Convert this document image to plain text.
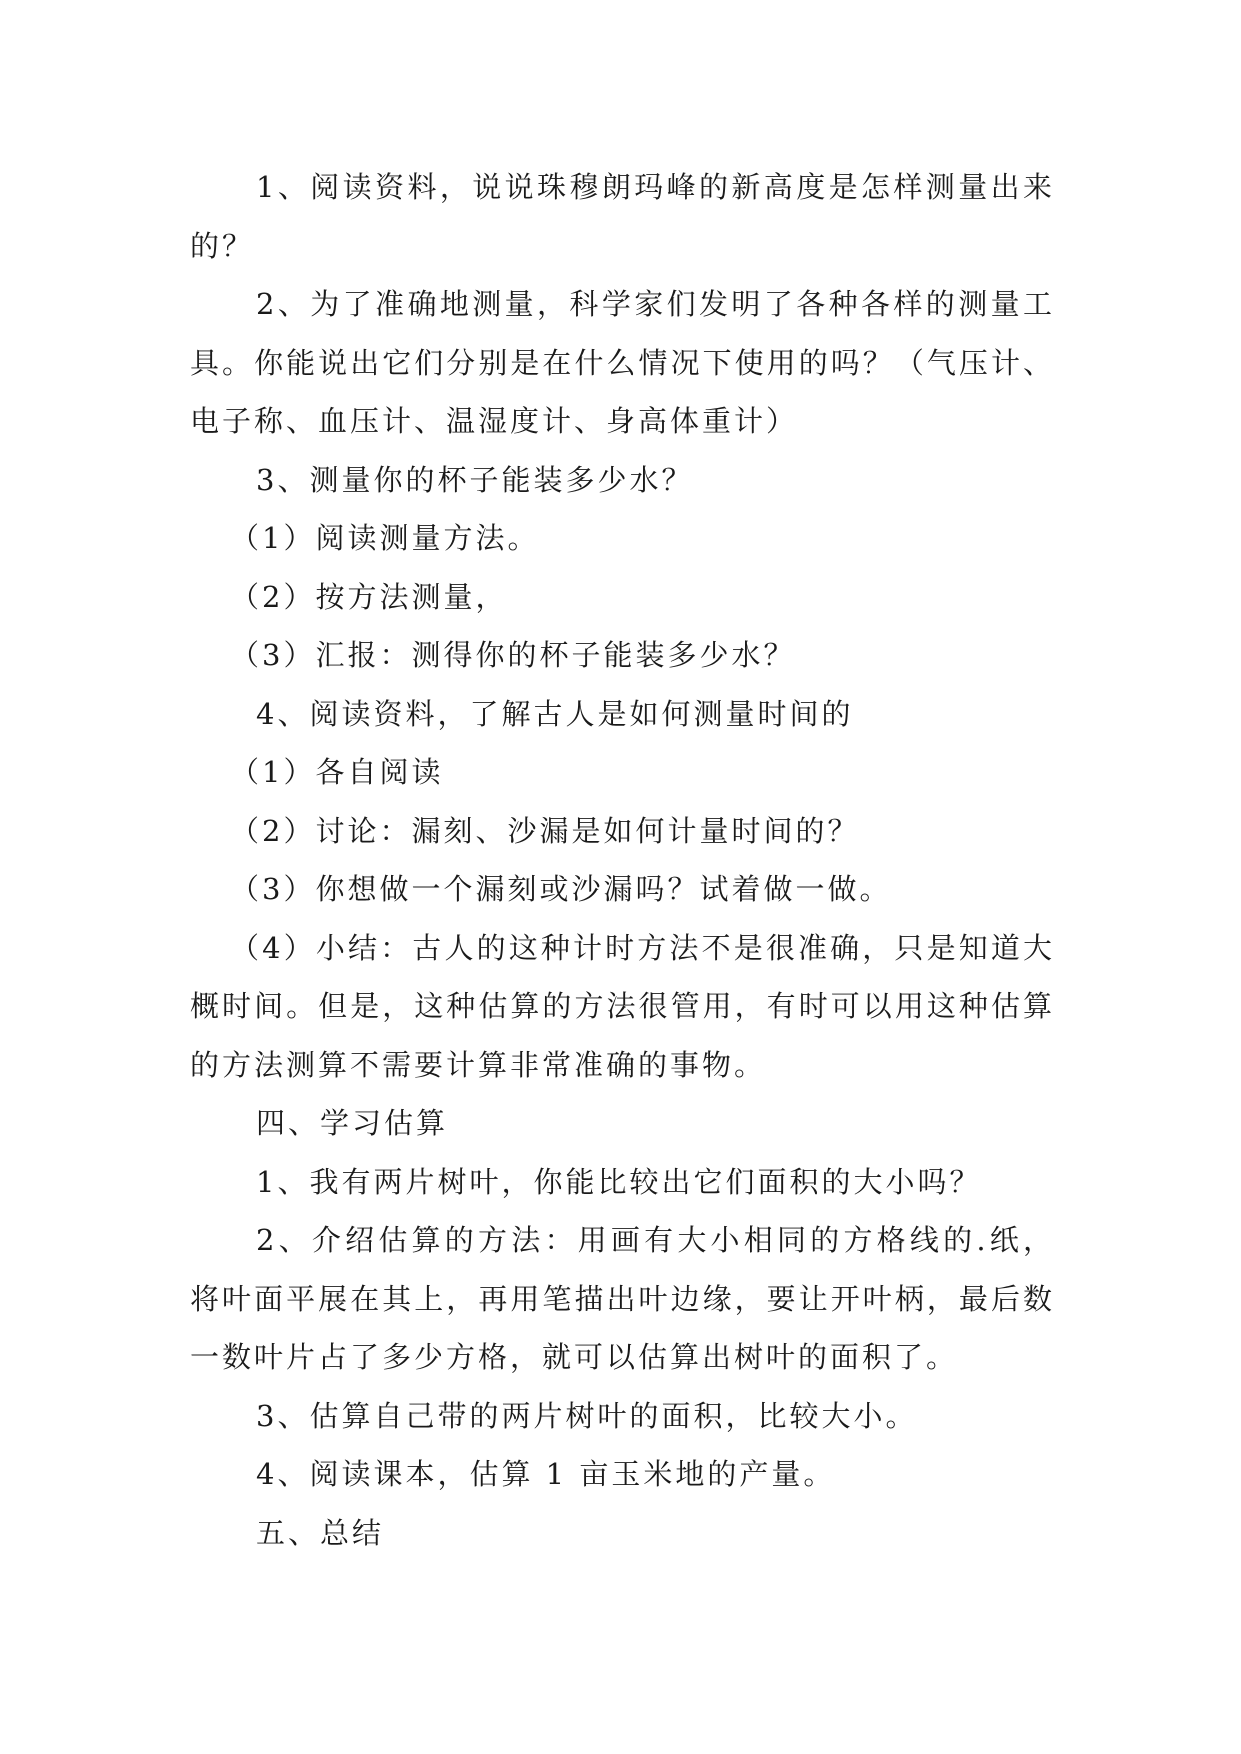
1、阅读资料，说说珠穆朗玛峰的新高度是怎样测量出来的？

2、为了准确地测量，科学家们发明了各种各样的测量工具。你能说出它们分别是在什么情况下使用的吗？（气压计、电子称、血压计、温湿度计、身高体重计）

3、测量你的杯子能装多少水？

（1）阅读测量方法。

（2）按方法测量，

（3）汇报：测得你的杯子能装多少水？

4、阅读资料，了解古人是如何测量时间的

（1）各自阅读

（2）讨论：漏刻、沙漏是如何计量时间的？

（3）你想做一个漏刻或沙漏吗？试着做一做。

（4）小结：古人的这种计时方法不是很准确，只是知道大概时间。但是，这种估算的方法很管用，有时可以用这种估算的方法测算不需要计算非常准确的事物。

四、学习估算

1、我有两片树叶，你能比较出它们面积的大小吗？

2、介绍估算的方法：用画有大小相同的方格线的.纸，将叶面平展在其上，再用笔描出叶边缘，要让开叶柄，最后数一数叶片占了多少方格，就可以估算出树叶的面积了。

3、估算自己带的两片树叶的面积，比较大小。

4、阅读课本，估算 1 亩玉米地的产量。

五、总结
